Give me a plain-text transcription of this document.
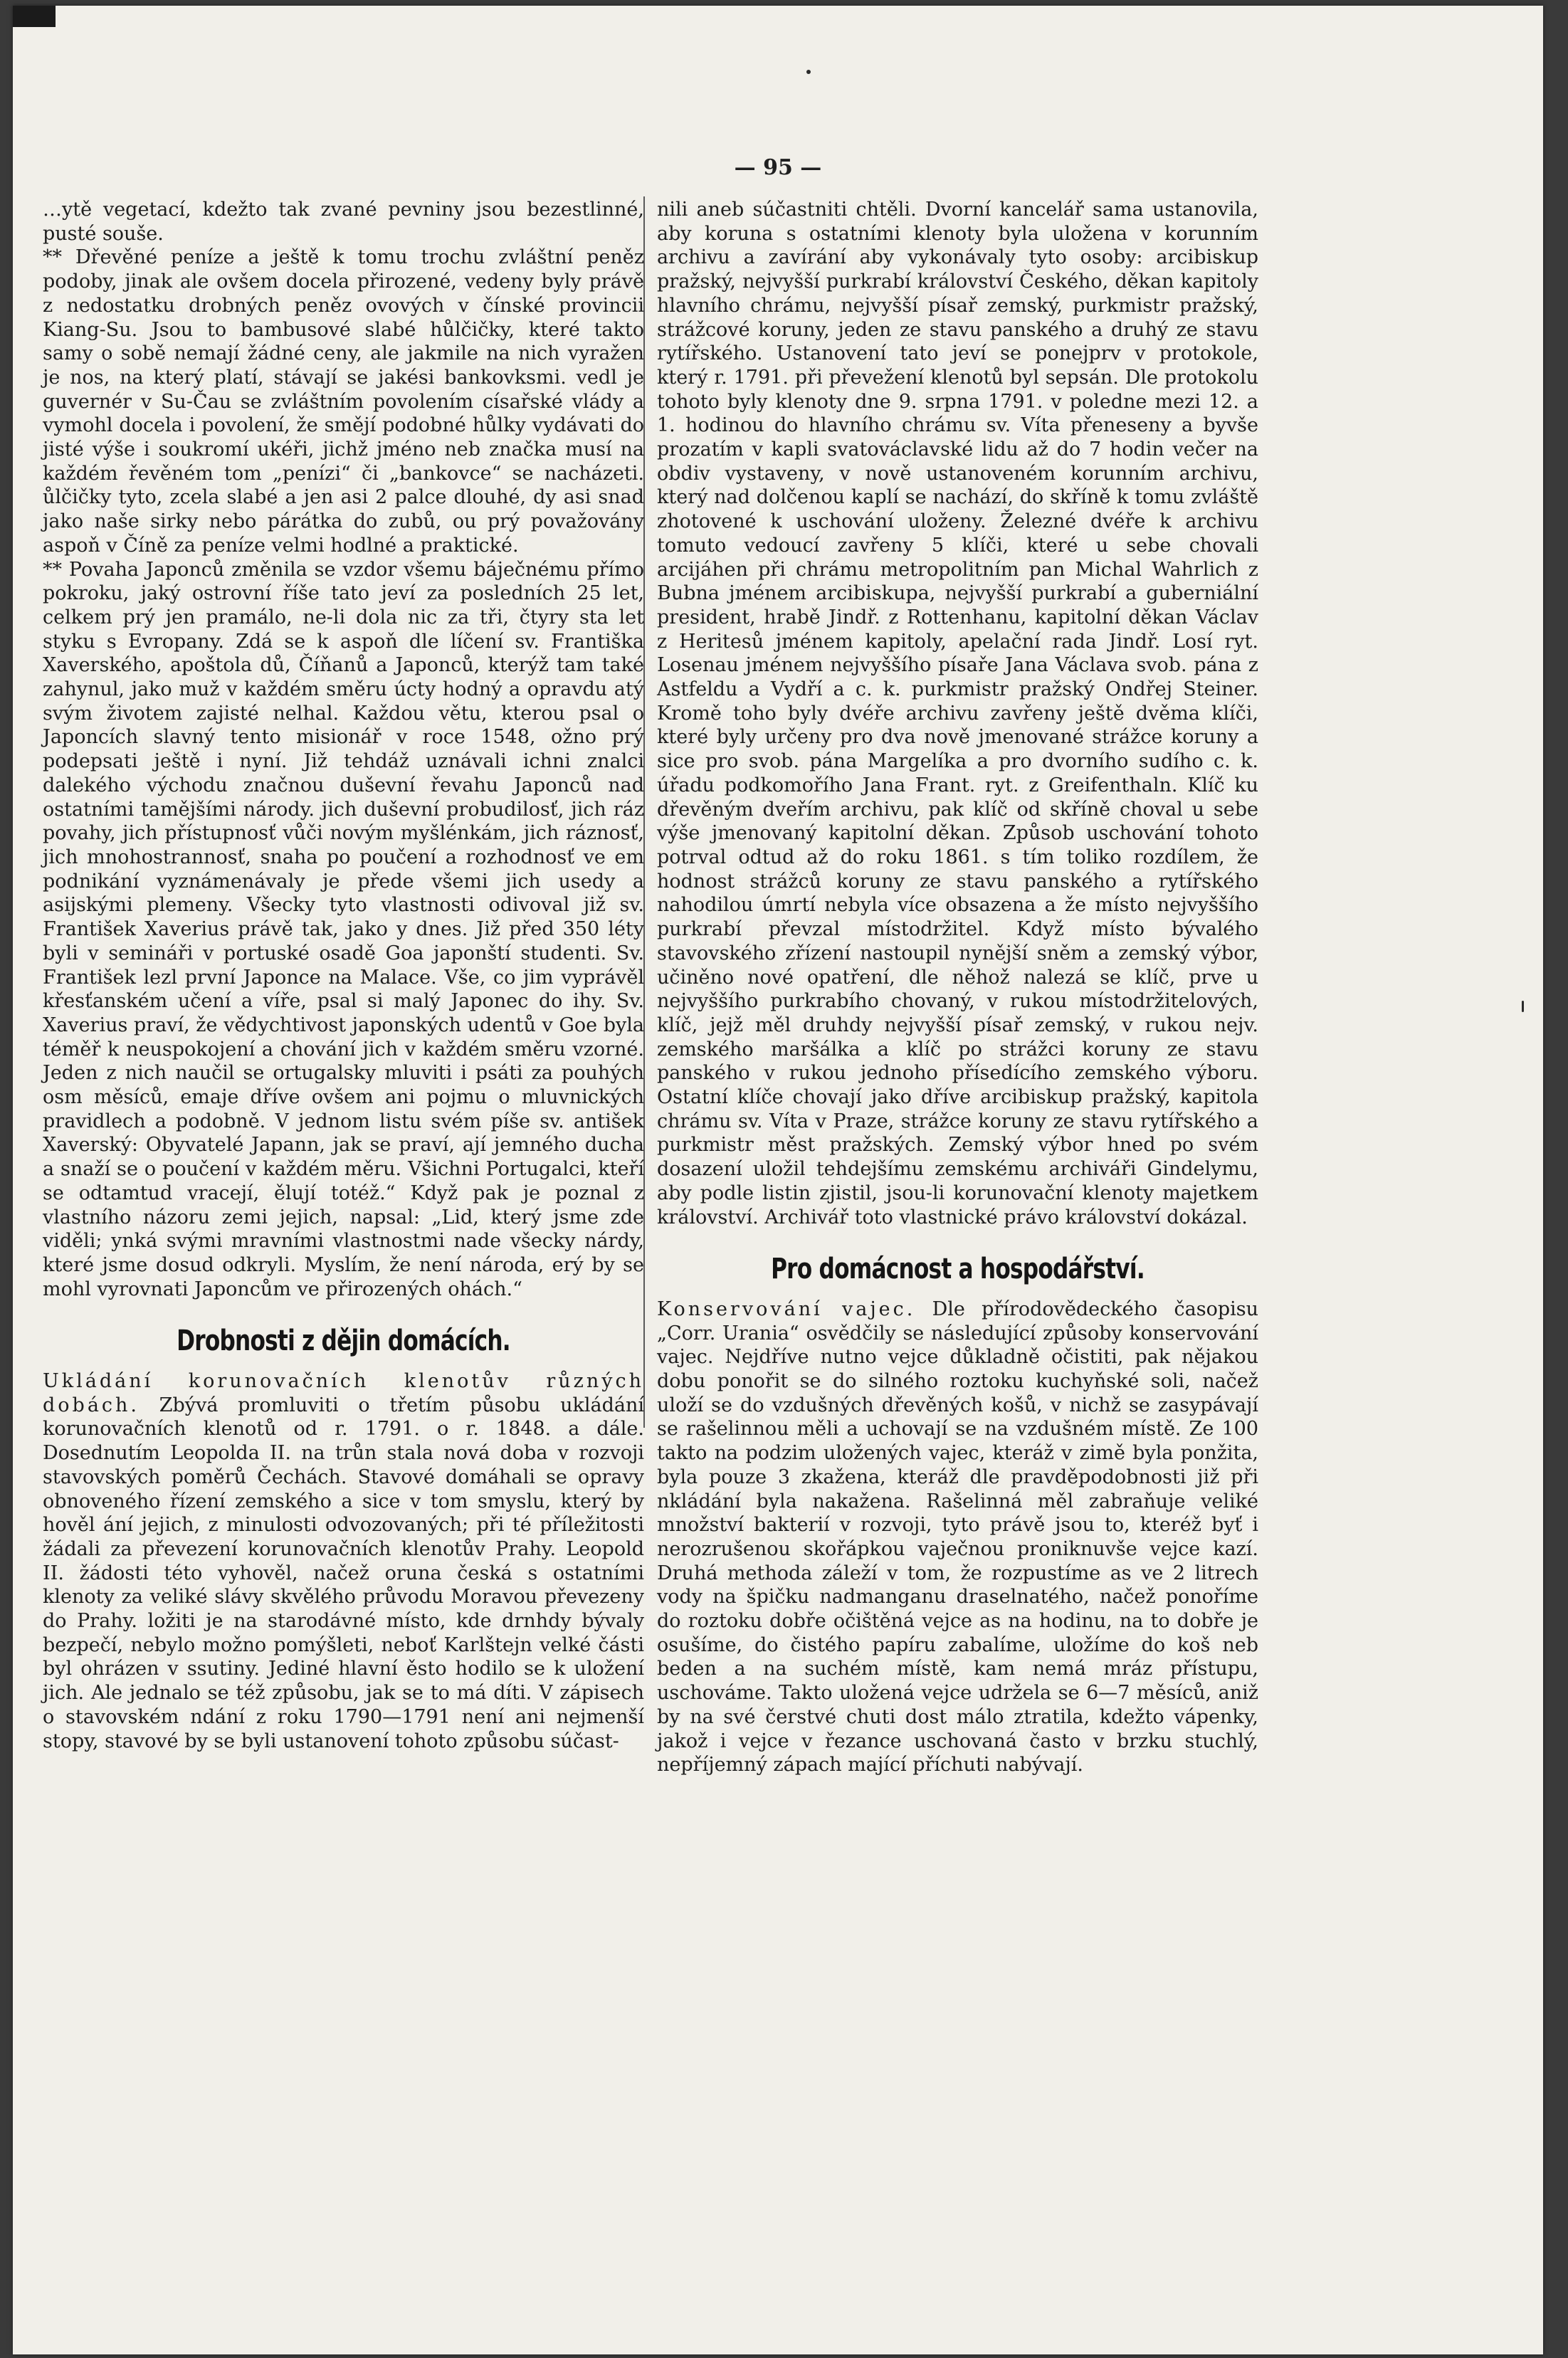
— 95 —

…ytě vegetací, kdežto tak zvané pevniny jsou bezestlinné, pusté souše.

** Dřevěné peníze a ještě k tomu trochu zvláštní peněz podoby, jinak ale ovšem docela přirozené, vedeny byly právě z nedostatku drobných peněz ovových v čínské provincii Kiang-Su. Jsou to bambusové slabé hůlčičky, které takto samy o sobě nemají žádné ceny, ale jakmile na nich vyražen je nos, na který platí, stávají se jakési bankovksmi. vedl je guvernér v Su-Čau se zvláštním povolením císařské vlády a vymohl docela i povolení, že smějí podobné hůlky vydávati do jisté výše i soukromí ukéři, jichž jméno neb značka musí na každém řevěném tom „penízi“ či „bankovce“ se nacházeti. ůlčičky tyto, zcela slabé a jen asi 2 palce dlouhé, dy asi snad jako naše sirky nebo párátka do zubů, ou prý považovány aspoň v Číně za peníze velmi hodlné a praktické.

** Povaha Japonců změnila se vzdor všemu báječnému přímo pokroku, jaký ostrovní říše tato jeví za posledních 25 let, celkem prý jen pramálo, ne-li dola nic za tři, čtyry sta let styku s Evropany. Zdá se k aspoň dle líčení sv. Františka Xaverského, apoštola dů, Číňanů a Japonců, kterýž tam také zahynul, jako muž v každém směru úcty hodný a opravdu atý svým životem zajisté nelhal. Každou větu, kterou psal o Japoncích slavný tento misionář v roce 1548, ožno prý podepsati ještě i nyní. Již tehdáž uznávali ichni znalci dalekého východu značnou duševní řevahu Japonců nad ostatními tamějšími národy. jich duševní probudilosť, jich ráz povahy, jich přístupnosť vůči novým myšlénkám, jich ráznosť, jich mnohostrannosť, snaha po poučení a rozhodnosť ve em podnikání vyznámenávaly je přede všemi jich usedy a asijskými plemeny. Všecky tyto vlastnosti odivoval již sv. František Xaverius právě tak, jako y dnes. Již před 350 léty byli v semináři v portuské osadě Goa japonští studenti. Sv. František lezl první Japonce na Malace. Vše, co jim vyprávěl křesťanském učení a víře, psal si malý Japonec do ihy. Sv. Xaverius praví, že vědychtivost japonských udentů v Goe byla téměř k neuspokojení a chování jich v každém směru vzorné. Jeden z nich naučil se ortugalsky mluviti i psáti za pouhých osm měsíců, emaje dříve ovšem ani pojmu o mluvnických pravidlech a podobně. V jednom listu svém píše sv. antišek Xaverský: Obyvatelé Japann, jak se praví, ají jemného ducha a snaží se o poučení v každém měru. Všichni Portugalci, kteří se odtamtud vracejí, ělují totéž.“ Když pak je poznal z vlastního názoru zemi jejich, napsal: „Lid, který jsme zde viděli; ynká svými mravními vlastnostmi nade všecky nárdy, které jsme dosud odkryli. Myslím, že není národa, erý by se mohl vyrovnati Japoncům ve přirozených ohách.“

Drobnosti z dějin domácích.

Ukládání korunovačních klenotův různých dobách. Zbývá promluviti o třetím působu ukládání korunovačních klenotů od r. 1791. o r. 1848. a dále. Dosednutím Leopolda II. na trůn stala nová doba v rozvoji stavovských poměrů Čechách. Stavové domáhali se opravy obnoveného řízení zemského a sice v tom smyslu, který by hověl ání jejich, z minulosti odvozovaných; při té příležitosti žádali za převezení korunovačních klenotův Prahy. Leopold II. žádosti této vyhověl, načež oruna česká s ostatními klenoty za veliké slávy skvělého průvodu Moravou převezeny do Prahy. ložiti je na starodávné místo, kde drnhdy bývaly bezpečí, nebylo možno pomýšleti, neboť Karlštejn velké části byl ohrázen v ssutiny. Jediné hlavní ěsto hodilo se k uložení jich. Ale jednalo se též způsobu, jak se to má díti. V zápisech o stavovském ndání z roku 1790—1791 není ani nejmenší stopy, stavové by se byli ustanovení tohoto způsobu súčast-

nili aneb súčastniti chtěli. Dvorní kancelář sama ustanovila, aby koruna s ostatními klenoty byla uložena v korunním archivu a zavírání aby vykonávaly tyto osoby: arcibiskup pražský, nejvyšší purkrabí království Českého, děkan kapitoly hlavního chrámu, nejvyšší písař zemský, purkmistr pražský, strážcové koruny, jeden ze stavu panského a druhý ze stavu rytířského. Ustanovení tato jeví se ponejprv v protokole, který r. 1791. při převežení klenotů byl sepsán. Dle protokolu tohoto byly klenoty dne 9. srpna 1791. v poledne mezi 12. a 1. hodinou do hlavního chrámu sv. Víta přeneseny a byvše prozatím v kapli svatováclavské lidu až do 7 hodin večer na obdiv vystaveny, v nově ustanoveném korunním archivu, který nad dolčenou kaplí se nachází, do skříně k tomu zvláště zhotovené k uschování uloženy. Železné dvéře k archivu tomuto vedoucí zavřeny 5 klíči, které u sebe chovali arcijáhen při chrámu metropolitním pan Michal Wahrlich z Bubna jménem arcibiskupa, nejvyšší purkrabí a guberniální president, hrabě Jindř. z Rottenhanu, kapitolní děkan Václav z Heritesů jménem kapitoly, apelační rada Jindř. Losí ryt. Losenau jménem nejvyššího písaře Jana Václava svob. pána z Astfeldu a Vydří a c. k. purkmistr pražský Ondřej Steiner. Kromě toho byly dvéře archivu zavřeny ještě dvěma klíči, které byly určeny pro dva nově jmenované strážce koruny a sice pro svob. pána Margelíka a pro dvorního sudího c. k. úřadu podkomořího Jana Frant. ryt. z Greifenthaln. Klíč ku dřevěným dveřím archivu, pak klíč od skříně choval u sebe výše jmenovaný kapitolní děkan. Způsob uschování tohoto potrval odtud až do roku 1861. s tím toliko rozdílem, že hodnost strážců koruny ze stavu panského a rytířského nahodilou úmrtí nebyla více obsazena a že místo nejvyššího purkrabí převzal místodržitel. Když místo bývalého stavovského zřízení nastoupil nynější sněm a zemský výbor, učiněno nové opatření, dle něhož nalezá se klíč, prve u nejvyššího purkrabího chovaný, v rukou místodržitelových, klíč, jejž měl druhdy nejvyšší písař zemský, v rukou nejv. zemského maršálka a klíč po strážci koruny ze stavu panského v rukou jednoho přísedícího zemského výboru. Ostatní klíče chovají jako dříve arcibiskup pražský, kapitola chrámu sv. Víta v Praze, strážce koruny ze stavu rytířského a purkmistr měst pražských. Zemský výbor hned po svém dosazení uložil tehdejšímu zemskému archiváři Gindelymu, aby podle listin zjistil, jsou-li korunovační klenoty majetkem království. Archivář toto vlastnické právo království dokázal.

Pro domácnost a hospodářství.

Konservování vajec. Dle přírodovědeckého časopisu „Corr. Urania“ osvědčily se následující způsoby konservování vajec. Nejdříve nutno vejce důkladně očistiti, pak nějakou dobu ponořit se do silného roztoku kuchyňské soli, načež uloží se do vzdušných dřevěných košů, v nichž se zasypávají se rašelinnou měli a uchovají se na vzdušném místě. Ze 100 takto na podzim uložených vajec, kteráž v zimě byla ponžita, byla pouze 3 zkažena, kteráž dle pravděpodobnosti již při nkládání byla nakažena. Rašelinná měl zabraňuje veliké množství bakterií v rozvoji, tyto právě jsou to, kteréž byť i nerozrušenou skořápkou vaječnou proniknuvše vejce kazí. Druhá methoda záleží v tom, že rozpustíme as ve 2 litrech vody na špičku nadmanganu draselnatého, načež ponoříme do roztoku dobře očištěná vejce as na hodinu, na to dobře je osušíme, do čistého papíru zabalíme, uložíme do koš neb beden a na suchém místě, kam nemá mráz přístupu, uschováme. Takto uložená vejce udržela se 6—7 měsíců, aniž by na své čerstvé chuti dost málo ztratila, kdežto vápenky, jakož i vejce v řezance uschovaná často v brzku stuchlý, nepříjemný zápach mající příchuti nabývají.
